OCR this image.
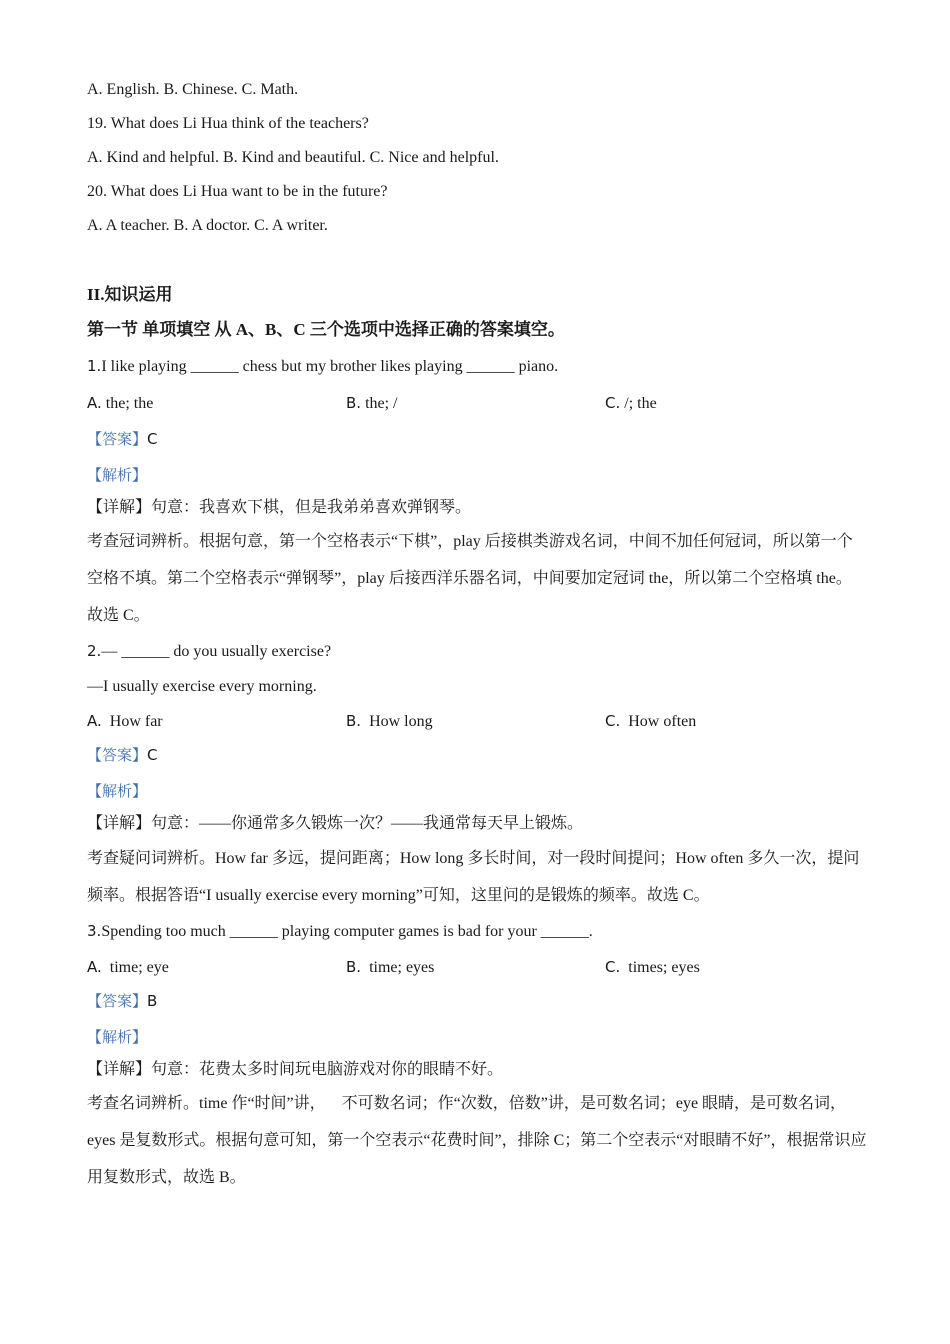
A. English. B. Chinese. C. Math.
19. What does Li Hua think of the teachers?
A. Kind and helpful. B. Kind and beautiful. C. Nice and helpful.
20. What does Li Hua want to be in the future?
A. A teacher. B. A doctor. C. A writer.
II.知识运用
第一节 单项填空 从 A、B、C 三个选项中选择正确的答案填空。
1.I like playing ______ chess but my brother likes playing ______ piano.
A. the; the	B. the; /	C. /; the
【答案】C
【解析】
【详解】句意：我喜欢下棋，但是我弟弟喜欢弹钢琴。
考查冠词辨析。根据句意，第一个空格表示“下棋”，play 后接棋类游戏名词，中间不加任何冠词，所以第一个空格不填。第二个空格表示“弹钢琴”，play 后接西洋乐器名词，中间要加定冠词 the，所以第二个空格填 the。故选 C。
2.— ______ do you usually exercise?
—I usually exercise every morning.
A.  How far	B.  How long	C.  How often
【答案】C
【解析】
【详解】句意：——你通常多久锻炼一次？——我通常每天早上锻炼。
考查疑问词辨析。How far 多远，提问距离；How long 多长时间，对一段时间提问；How often 多久一次，提问频率。根据答语“I usually exercise every morning”可知，这里问的是锻炼的频率。故选 C。
3.Spending too much ______ playing computer games is bad for your ______.
A.  time; eye	B.  time; eyes	C.  times; eyes
【答案】B
【解析】
【详解】句意：花费太多时间玩电脑游戏对你的眼睛不好。
考查名词辨析。time 作“时间”讲，    不可数名词；作“次数，倍数”讲，是可数名词；eye 眼睛，是可数名词，eyes 是复数形式。根据句意可知，第一个空表示“花费时间”，排除 C；第二个空表示“对眼睛不好”，根据常识应用复数形式，故选 B。
